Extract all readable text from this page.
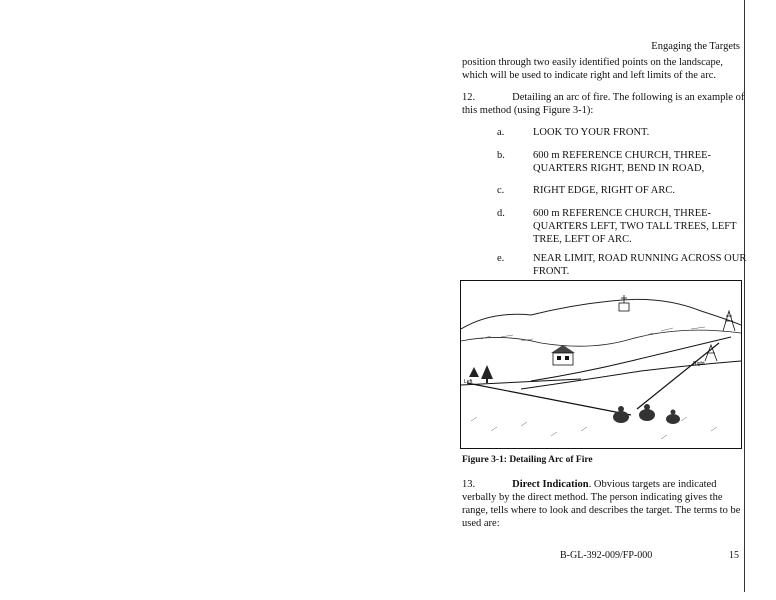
Engaging the Targets
position through two easily identified points on the landscape, which will be used to indicate right and left limits of the arc.
12.	Detailing an arc of fire. The following is an example of this method (using Figure 3-1):
a.	LOOK TO YOUR FRONT.
b.	600 m REFERENCE CHURCH, THREE-QUARTERS RIGHT, BEND IN ROAD,
c.	RIGHT EDGE, RIGHT OF ARC.
d.	600 m REFERENCE CHURCH, THREE-QUARTERS LEFT, TWO TALL TREES, LEFT TREE, LEFT OF ARC.
e.	NEAR LIMIT, ROAD RUNNING ACROSS OUR FRONT.
Left
Right
Figure 3-1: Detailing Arc of Fire
13.	Direct Indication. Obvious targets are indicated verbally by the direct method. The person indicating gives the range, tells where to look and describes the target. The terms to be used are:
B-GL-392-009/FP-000	15
